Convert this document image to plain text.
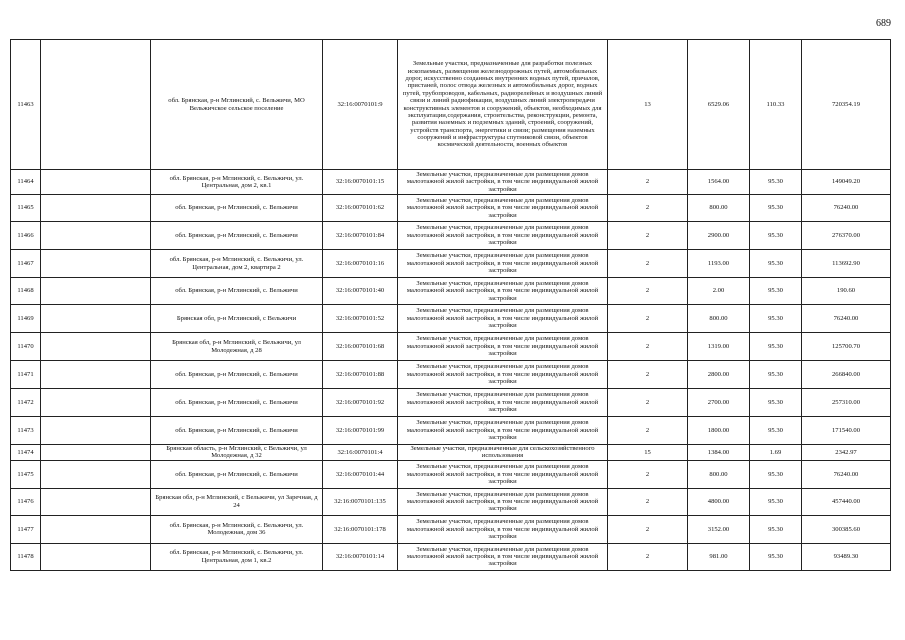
689
11463		обл. Брянская, р-н Мглинский, с. Вельжичи, МО Вельжичское сельское поселение	32:16:0070101:9	Земельные участки, предназначенные для разработки полезных ископаемых, размещения железнодорожных путей, автомобильных дорог, искусственно созданных внутренних водных путей, причалов, пристаней, полос отвода железных и автомобильных дорог, водных путей, трубопроводов, кабельных, радиорелейных и воздушных линий связи и линий радиофикации, воздушных линий электропередачи конструктивных элементов и сооружений, объектов, необходимых для эксплуатации,содержания, строительства, реконструкции, ремонта, развития наземных и подземных зданий, строений, сооружений, устройств транспорта, энергетики и связи; размещения наземных сооружений и инфраструктуры спутниковой связи, объектов космической деятельности, военных объектов	13	6529.06	110.33	720354.19
11464		обл. Брянская, р-н Мглинский, с. Вельжичи, ул. Центральная, дом 2, кв.1	32:16:0070101:15	Земельные участки, предназначенные для размещения домов малоэтажной жилой застройки, в том числе индивидуальной жилой застройки	2	1564.00	95.30	149049.20
11465		обл. Брянская, р-н Мглинский, с. Вельжичи	32:16:0070101:62	Земельные участки, предназначенные для размещения домов малоэтажной жилой застройки, в том числе индивидуальной жилой застройки	2	800.00	95.30	76240.00
11466		обл. Брянская, р-н Мглинский, с. Вельжичи	32:16:0070101:84	Земельные участки, предназначенные для размещения домов малоэтажной жилой застройки, в том числе индивидуальной жилой застройки	2	2900.00	95.30	276370.00
11467		обл. Брянская, р-н Мглинский, с. Вельжичи, ул. Центральная, дом 2, квартира 2	32:16:0070101:16	Земельные участки, предназначенные для размещения домов малоэтажной жилой застройки, в том числе индивидуальной жилой застройки	2	1193.00	95.30	113692.90
11468		обл. Брянская, р-н Мглинский, с. Вельжичи	32:16:0070101:40	Земельные участки, предназначенные для размещения домов малоэтажной жилой застройки, в том числе индивидуальной жилой застройки	2	2.00	95.30	190.60
11469		Брянская обл, р-н Мглинский, с Вельжичи	32:16:0070101:52	Земельные участки, предназначенные для размещения домов малоэтажной жилой застройки, в том числе индивидуальной жилой застройки	2	800.00	95.30	76240.00
11470		Брянская обл, р-н Мглинский, с Вельжичи, ул Молодежная, д 28	32:16:0070101:68	Земельные участки, предназначенные для размещения домов малоэтажной жилой застройки, в том числе индивидуальной жилой застройки	2	1319.00	95.30	125700.70
11471		обл. Брянская, р-н Мглинский, с. Вельжичи	32:16:0070101:88	Земельные участки, предназначенные для размещения домов малоэтажной жилой застройки, в том числе индивидуальной жилой застройки	2	2800.00	95.30	266840.00
11472		обл. Брянская, р-н Мглинский, с. Вельжичи	32:16:0070101:92	Земельные участки, предназначенные для размещения домов малоэтажной жилой застройки, в том числе индивидуальной жилой застройки	2	2700.00	95.30	257310.00
11473		обл. Брянская, р-н Мглинский, с. Вельжичи	32:16:0070101:99	Земельные участки, предназначенные для размещения домов малоэтажной жилой застройки, в том числе индивидуальной жилой застройки	2	1800.00	95.30	171540.00
11474		Брянская область, р-н Мглинский, с Вельжичи, ул Молодежная, д 32	32:16:0070101:4	Земельные участки, предназначенные для сельскохозяйственного использования	15	1384.00	1.69	2342.97
11475		обл. Брянская, р-н Мглинский, с. Вельжичи	32:16:0070101:44	Земельные участки, предназначенные для размещения домов малоэтажной жилой застройки, в том числе индивидуальной жилой застройки	2	800.00	95.30	76240.00
11476		Брянская обл, р-н Мглинский, с Вельжичи, ул Заречная, д 24	32:16:0070101:135	Земельные участки, предназначенные для размещения домов малоэтажной жилой застройки, в том числе индивидуальной жилой застройки	2	4800.00	95.30	457440.00
11477		обл. Брянская, р-н Мглинский, с. Вельжичи, ул. Молодежная, дом 36	32:16:0070101:178	Земельные участки, предназначенные для размещения домов малоэтажной жилой застройки, в том числе индивидуальной жилой застройки	2	3152.00	95.30	300385.60
11478		обл. Брянская, р-н Мглинский, с. Вельжичи, ул. Центральная, дом 1, кв.2	32:16:0070101:14	Земельные участки, предназначенные для размещения домов малоэтажной жилой застройки, в том числе индивидуальной жилой застройки	2	981.00	95.30	93489.30
